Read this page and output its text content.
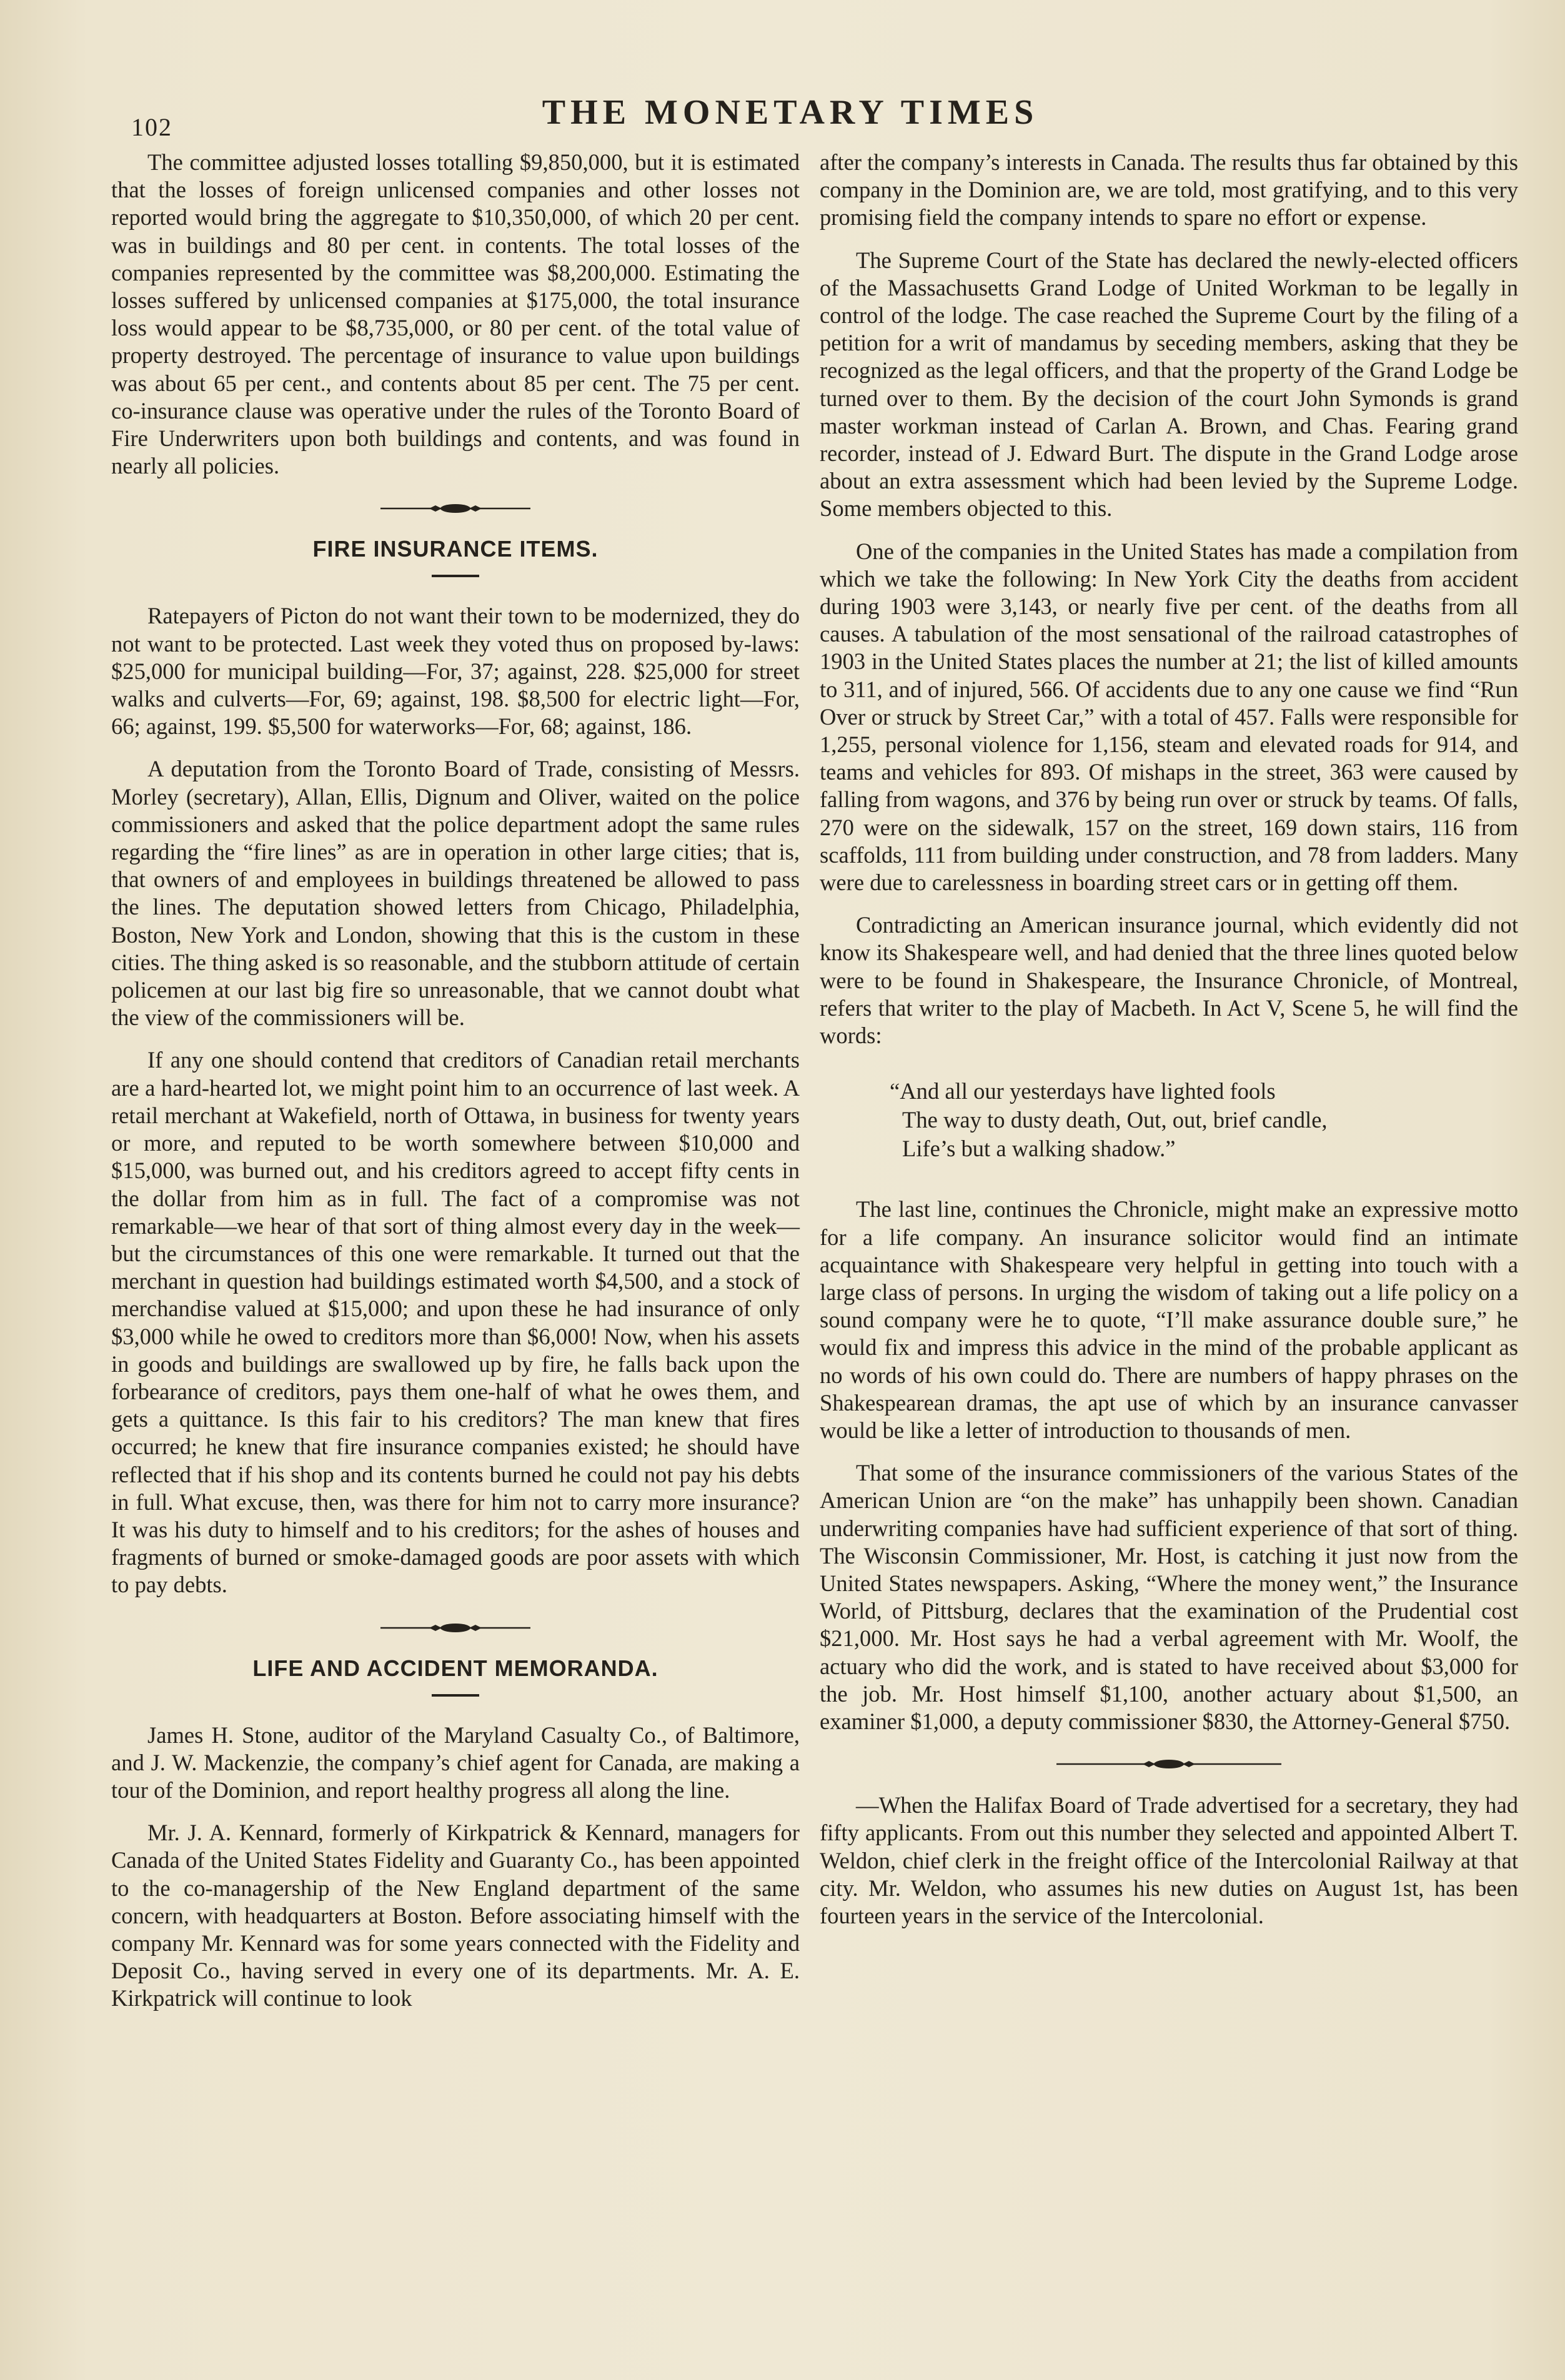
102	THE MONETARY TIMES

The committee adjusted losses totalling $9,850,000, but it is estimated that the losses of foreign unlicensed companies and other losses not reported would bring the aggregate to $10,350,000, of which 20 per cent. was in buildings and 80 per cent. in contents. The total losses of the companies represented by the committee was $8,200,000. Estimating the losses suffered by unlicensed companies at $175,000, the total insurance loss would appear to be $8,735,000, or 80 per cent. of the total value of property destroyed. The percentage of insurance to value upon buildings was about 65 per cent., and contents about 85 per cent. The 75 per cent. co-insurance clause was operative under the rules of the Toronto Board of Fire Underwriters upon both buildings and contents, and was found in nearly all policies.

FIRE INSURANCE ITEMS.

Ratepayers of Picton do not want their town to be modernized, they do not want to be protected. Last week they voted thus on proposed by-laws: $25,000 for municipal building—For, 37; against, 228. $25,000 for street walks and culverts—For, 69; against, 198. $8,500 for electric light—For, 66; against, 199. $5,500 for waterworks—For, 68; against, 186.

A deputation from the Toronto Board of Trade, consisting of Messrs. Morley (secretary), Allan, Ellis, Dignum and Oliver, waited on the police commissioners and asked that the police department adopt the same rules regarding the “fire lines” as are in operation in other large cities; that is, that owners of and employees in buildings threatened be allowed to pass the lines. The deputation showed letters from Chicago, Philadelphia, Boston, New York and London, showing that this is the custom in these cities. The thing asked is so reasonable, and the stubborn attitude of certain policemen at our last big fire so unreasonable, that we cannot doubt what the view of the commissioners will be.

If any one should contend that creditors of Canadian retail merchants are a hard-hearted lot, we might point him to an occurrence of last week. A retail merchant at Wakefield, north of Ottawa, in business for twenty years or more, and reputed to be worth somewhere between $10,000 and $15,000, was burned out, and his creditors agreed to accept fifty cents in the dollar from him as in full. The fact of a compromise was not remarkable—we hear of that sort of thing almost every day in the week—but the circumstances of this one were remarkable. It turned out that the merchant in question had buildings estimated worth $4,500, and a stock of merchandise valued at $15,000; and upon these he had insurance of only $3,000 while he owed to creditors more than $6,000! Now, when his assets in goods and buildings are swallowed up by fire, he falls back upon the forbearance of creditors, pays them one-half of what he owes them, and gets a quittance. Is this fair to his creditors? The man knew that fires occurred; he knew that fire insurance companies existed; he should have reflected that if his shop and its contents burned he could not pay his debts in full. What excuse, then, was there for him not to carry more insurance? It was his duty to himself and to his creditors; for the ashes of houses and fragments of burned or smoke-damaged goods are poor assets with which to pay debts.

LIFE AND ACCIDENT MEMORANDA.

James H. Stone, auditor of the Maryland Casualty Co., of Baltimore, and J. W. Mackenzie, the company’s chief agent for Canada, are making a tour of the Dominion, and report healthy progress all along the line.

Mr. J. A. Kennard, formerly of Kirkpatrick & Kennard, managers for Canada of the United States Fidelity and Guaranty Co., has been appointed to the co-managership of the New England department of the same concern, with headquarters at Boston. Before associating himself with the company Mr. Kennard was for some years connected with the Fidelity and Deposit Co., having served in every one of its departments. Mr. A. E. Kirkpatrick will continue to look

after the company’s interests in Canada. The results thus far obtained by this company in the Dominion are, we are told, most gratifying, and to this very promising field the company intends to spare no effort or expense.

The Supreme Court of the State has declared the newly-elected officers of the Massachusetts Grand Lodge of United Workman to be legally in control of the lodge. The case reached the Supreme Court by the filing of a petition for a writ of mandamus by seceding members, asking that they be recognized as the legal officers, and that the property of the Grand Lodge be turned over to them. By the decision of the court John Symonds is grand master workman instead of Carlan A. Brown, and Chas. Fearing grand recorder, instead of J. Edward Burt. The dispute in the Grand Lodge arose about an extra assessment which had been levied by the Supreme Lodge. Some members objected to this.

One of the companies in the United States has made a compilation from which we take the following: In New York City the deaths from accident during 1903 were 3,143, or nearly five per cent. of the deaths from all causes. A tabulation of the most sensational of the railroad catastrophes of 1903 in the United States places the number at 21; the list of killed amounts to 311, and of injured, 566. Of accidents due to any one cause we find “Run Over or struck by Street Car,” with a total of 457. Falls were responsible for 1,255, personal violence for 1,156, steam and elevated roads for 914, and teams and vehicles for 893. Of mishaps in the street, 363 were caused by falling from wagons, and 376 by being run over or struck by teams. Of falls, 270 were on the sidewalk, 157 on the street, 169 down stairs, 116 from scaffolds, 111 from building under construction, and 78 from ladders. Many were due to carelessness in boarding street cars or in getting off them.

Contradicting an American insurance journal, which evidently did not know its Shakespeare well, and had denied that the three lines quoted below were to be found in Shakespeare, the Insurance Chronicle, of Montreal, refers that writer to the play of Macbeth. In Act V, Scene 5, he will find the words:

“And all our yesterdays have lighted fools
The way to dusty death, Out, out, brief candle,
Life’s but a walking shadow.”

The last line, continues the Chronicle, might make an expressive motto for a life company. An insurance solicitor would find an intimate acquaintance with Shakespeare very helpful in getting into touch with a large class of persons. In urging the wisdom of taking out a life policy on a sound company were he to quote, “I’ll make assurance double sure,” he would fix and impress this advice in the mind of the probable applicant as no words of his own could do. There are numbers of happy phrases on the Shakespearean dramas, the apt use of which by an insurance canvasser would be like a letter of introduction to thousands of men.

That some of the insurance commissioners of the various States of the American Union are “on the make” has unhappily been shown. Canadian underwriting companies have had sufficient experience of that sort of thing. The Wisconsin Commissioner, Mr. Host, is catching it just now from the United States newspapers. Asking, “Where the money went,” the Insurance World, of Pittsburg, declares that the examination of the Prudential cost $21,000. Mr. Host says he had a verbal agreement with Mr. Woolf, the actuary who did the work, and is stated to have received about $3,000 for the job. Mr. Host himself $1,100, another actuary about $1,500, an examiner $1,000, a deputy commissioner $830, the Attorney-General $750.

—When the Halifax Board of Trade advertised for a secretary, they had fifty applicants. From out this number they selected and appointed Albert T. Weldon, chief clerk in the freight office of the Intercolonial Railway at that city. Mr. Weldon, who assumes his new duties on August 1st, has been fourteen years in the service of the Intercolonial.
